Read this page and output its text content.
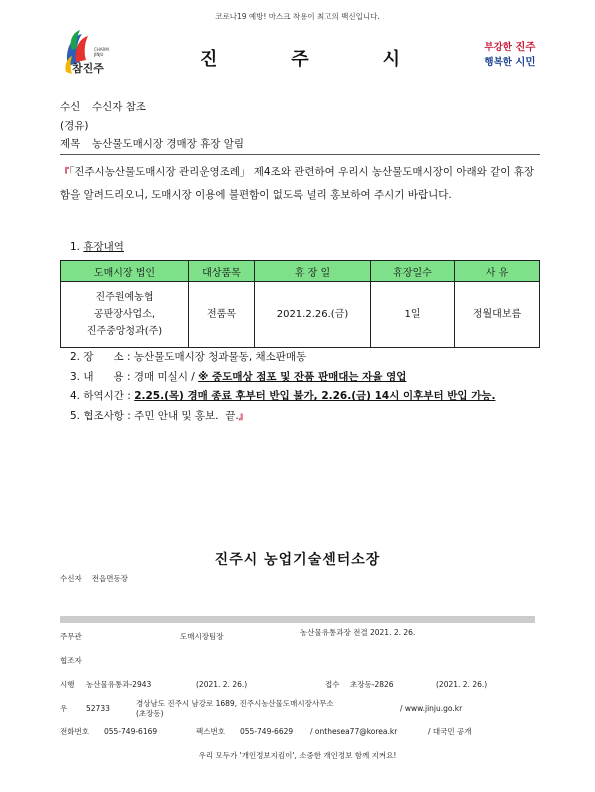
코로나19 예방! 마스크 착용이 최고의 백신입니다.
CHARM
JINJU
참진주	진	주	시
부강한 진주
행복한 시민
수신 수신자 참조
(경유)
제목 농산물도매시장 경매장 휴장 알림
『「진주시농산물도매시장 관리운영조례」 제4조와 관련하여 우리시 농산물도매시장이 아래와 같이 휴장함을 알려드리오니, 도매시장 이용에 불편함이 없도록 널리 홍보하여 주시기 바랍니다.
1. 휴장내역
도매시장 법인	대상품목	휴 장 일	휴장일수	사 유

진주원예농협
공판장사업소,
진주중앙청과(주)	전품목	2021.2.26.(금)	1일	정월대보름
2. 장      소 : 농산물도매시장 청과물동, 채소판매동
3. 내      용 : 경매 미실시 / ※ 중도매상 점포 및 잔품 판매대는 자율 영업
4. 하역시간 : 2.25.(목) 경매 종료 후부터 반입 불가, 2.26.(금) 14시 이후부터 반입 가능.
5. 협조사항 : 주민 안내 및 홍보.  끝.』
진주시 농업기술센터소장
수신자 전읍면동장
주무관	도매시장팀장	농산물유통과장 전결 2021. 2. 26.
협조자
시행 농산물유통과-2943	(2021. 2. 26.)	접수 초장동-2826	(2021. 2. 26.)
우	52733
경상남도 진주시 남강로 1689, 진주시농산물도매시장사무소
(초장동)
/ www.jinju.go.kr
전화번호 055-749-6169	팩스번호 055-749-6629 / onthesea77@korea.kr	/ 대국민 공개
우리 모두가 '개인정보지킴이', 소중한 개인정보 함께 지켜요!
